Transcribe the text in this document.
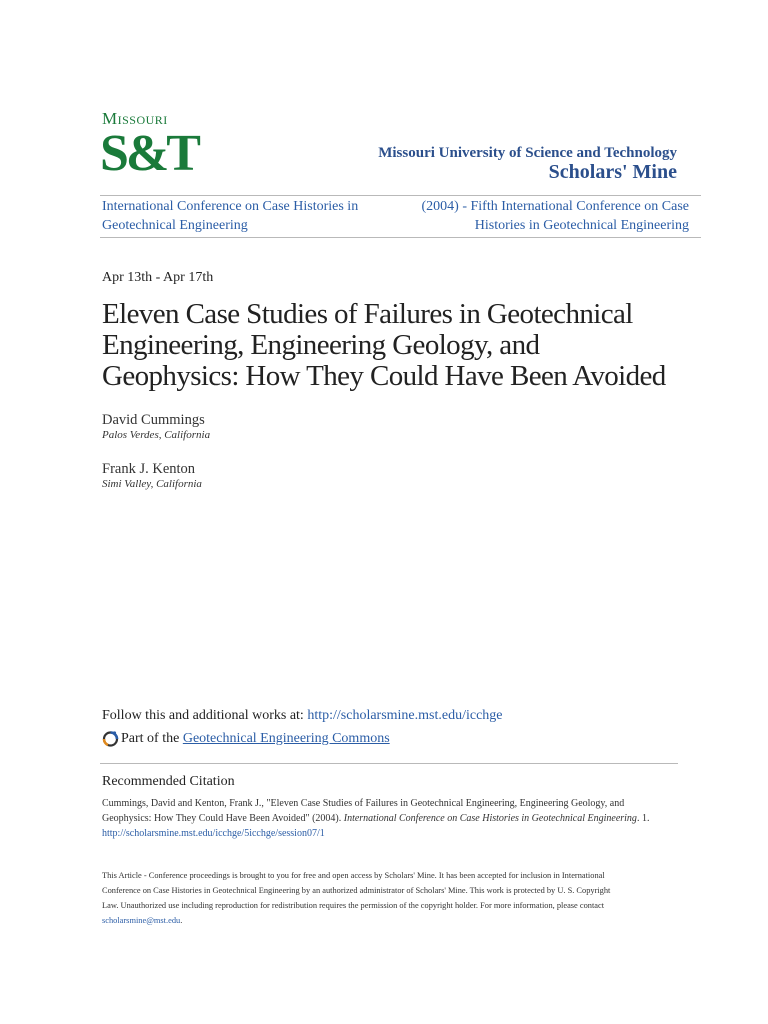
Missouri
S&T	Missouri University of Science and Technology
Scholars' Mine
International Conference on Case Histories in
Geotechnical Engineering
(2004) - Fifth International Conference on Case
Histories in Geotechnical Engineering
Apr 13th - Apr 17th
Eleven Case Studies of Failures in Geotechnical
Engineering, Engineering Geology, and
Geophysics: How They Could Have Been Avoided
David Cummings
Palos Verdes, California
Frank J. Kenton
Simi Valley, California
Follow this and additional works at: http://scholarsmine.mst.edu/icchge
Part of the
Geotechnical Engineering Commons
Recommended Citation
Cummings, David and Kenton, Frank J., "Eleven Case Studies of Failures in Geotechnical Engineering, Engineering Geology, and
Geophysics: How They Could Have Been Avoided" (2004). International Conference on Case Histories in Geotechnical Engineering. 1.
http://scholarsmine.mst.edu/icchge/5icchge/session07/1
This Article - Conference proceedings is brought to you for free and open access by Scholars' Mine. It has been accepted for inclusion in International
Conference on Case Histories in Geotechnical Engineering by an authorized administrator of Scholars' Mine. This work is protected by U. S. Copyright
Law. Unauthorized use including reproduction for redistribution requires the permission of the copyright holder. For more information, please contact
scholarsmine@mst.edu.
